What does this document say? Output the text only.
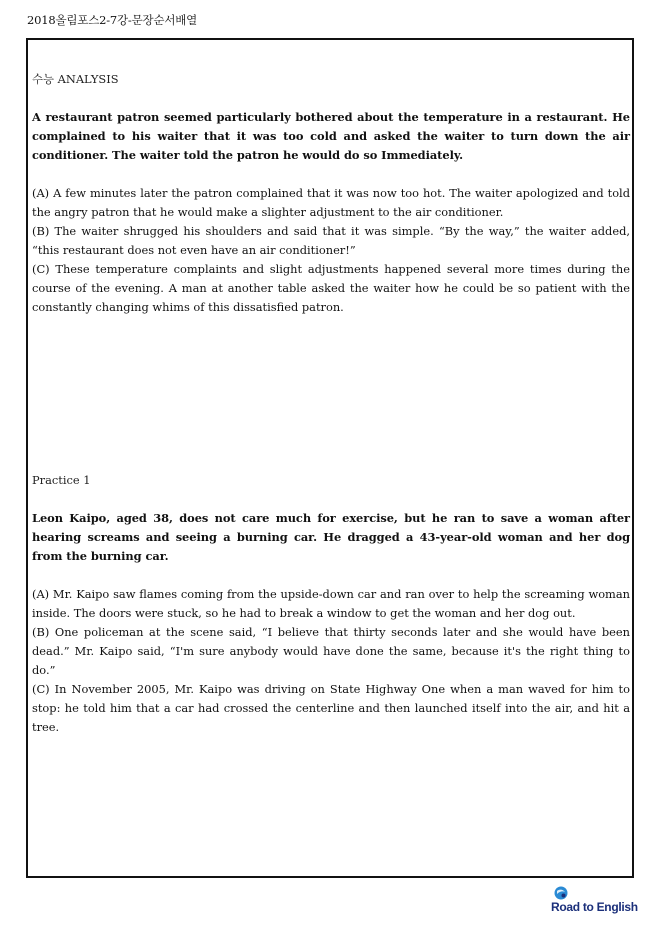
2018올림포스2-7강-문장순서배열

수능 ANALYSIS

A restaurant patron seemed particularly bothered about the temperature in a restaurant. He complained to his waiter that it was too cold and asked the waiter to turn down the air conditioner. The waiter told the patron he would do so Immediately.

(A) A few minutes later the patron complained that it was now too hot. The waiter apologized and told the angry patron that he would make a slighter adjustment to the air conditioner.

(B) The waiter shrugged his shoulders and said that it was simple. “By the way,” the waiter added, “this restaurant does not even have an air conditioner!”

(C) These temperature complaints and slight adjustments happened several more times during the course of the evening. A man at another table asked the waiter how he could be so patient with the constantly changing whims of this dissatisfied patron.

Practice 1

Leon Kaipo, aged 38, does not care much for exercise, but he ran to save a woman after hearing screams and seeing a burning car. He dragged a 43-year-old woman and her dog from the burning car.

(A) Mr. Kaipo saw flames coming from the upside-down car and ran over to help the screaming woman inside. The doors were stuck, so he had to break a window to get the woman and her dog out.

(B) One policeman at the scene said, “I believe that thirty seconds later and she would have been dead.” Mr. Kaipo said, “I'm sure anybody would have done the same, because it's the right thing to do.”

(C) In November 2005, Mr. Kaipo was driving on State Highway One when a man waved for him to stop: he told him that a car had crossed the centerline and then launched itself into the air, and hit a tree.

Road to English
